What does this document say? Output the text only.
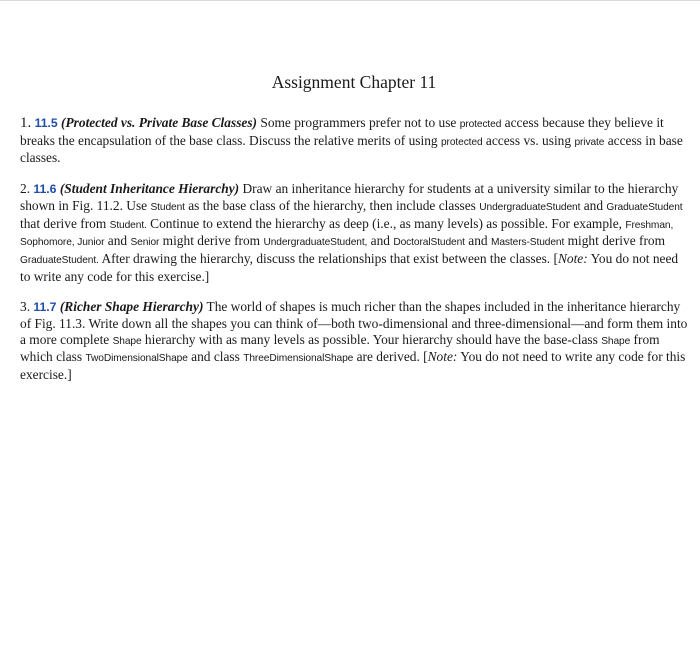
Assignment Chapter 11

1. 11.5 (Protected vs. Private Base Classes) Some programmers prefer not to use protected access because they believe it breaks the encapsulation of the base class. Discuss the relative merits of using protected access vs. using private access in base classes.

2. 11.6 (Student Inheritance Hierarchy) Draw an inheritance hierarchy for students at a university similar to the hierarchy shown in Fig. 11.2. Use Student as the base class of the hierarchy, then include classes UndergraduateStudent and GraduateStudent that derive from Student. Continue to extend the hierarchy as deep (i.e., as many levels) as possible. For example, Freshman, Sophomore, Junior and Senior might derive from UndergraduateStudent, and DoctoralStudent and Masters-Student might derive from GraduateStudent. After drawing the hierarchy, discuss the relationships that exist between the classes. [Note: You do not need to write any code for this exercise.]

3. 11.7 (Richer Shape Hierarchy) The world of shapes is much richer than the shapes included in the inheritance hierarchy of Fig. 11.3. Write down all the shapes you can think of—both two-dimensional and three-dimensional—and form them into a more complete Shape hierarchy with as many levels as possible. Your hierarchy should have the base-class Shape from which class TwoDimensionalShape and class ThreeDimensionalShape are derived. [Note: You do not need to write any code for this exercise.]
